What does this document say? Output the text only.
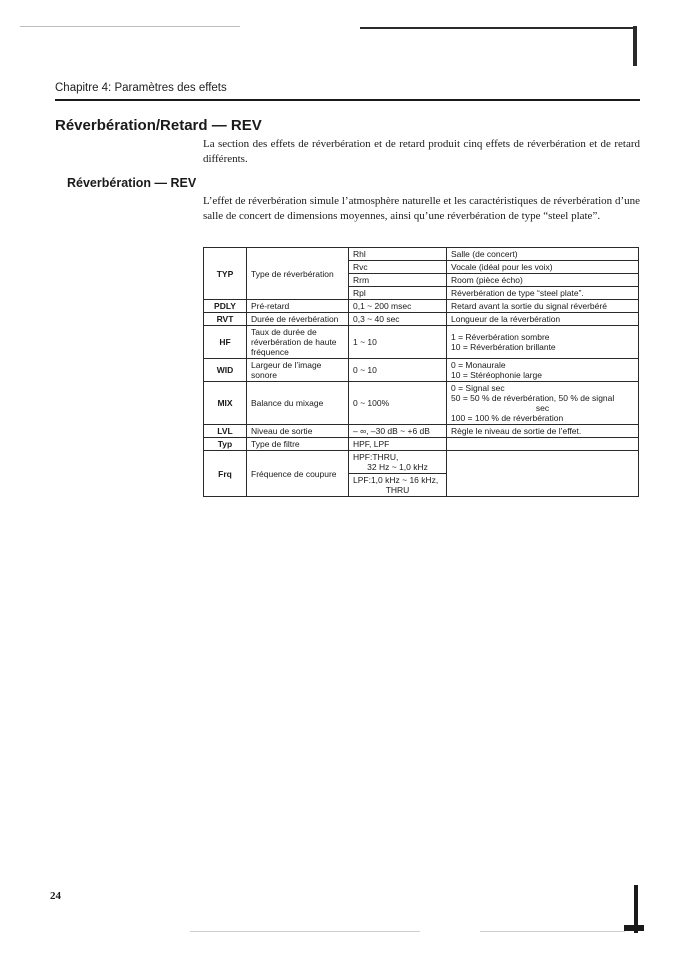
Chapitre 4: Paramètres des effets
Réverbération/Retard — REV
La section des effets de réverbération et de retard produit cinq effets de réverbération et de retard différents.
Réverbération — REV
L’effet de réverbération simule l’atmosphère naturelle et les caractéristiques de réverbération d’une salle de concert de dimensions moyennes, ainsi qu’une réverbération de type “steel plate”.
TYP	Type de réverbération	Rhl	Salle (de concert)
		Rvc	Vocale (idéal pour les voix)
		Rrm	Room (pièce écho)
		Rpl	Réverbération de type “steel plate”.
PDLY	Pré-retard	0,1 ~ 200 msec	Retard avant la sortie du signal réverbéré
RVT	Durée de réverbération	0,3 ~ 40 sec	Longueur de la réverbération
HF	Taux de durée de réverbération de haute fréquence	1 ~ 10	1 = Réverbération sombre
10 = Réverbération brillante

WID	Largeur de l’image sonore	0 ~ 10	0 = Monaurale
10 = Stéréophonie large

MIX	Balance du mixage	0 ~ 100%	0 = Signal sec
50 = 50 % de réverbération, 50 % de signal
sec
100 = 100 % de réverbération

LVL	Niveau de sortie	– ∞, –30 dB ~ +6 dB	Règle le niveau de sortie de l’effet.
Typ	Type de filtre	HPF, LPF	
Frq	Fréquence de coupure	HPF:THRU,
32 Hz ~ 1,0 kHz	

		LPF:1,0 kHz ~ 16 kHz,
THRU	
24
